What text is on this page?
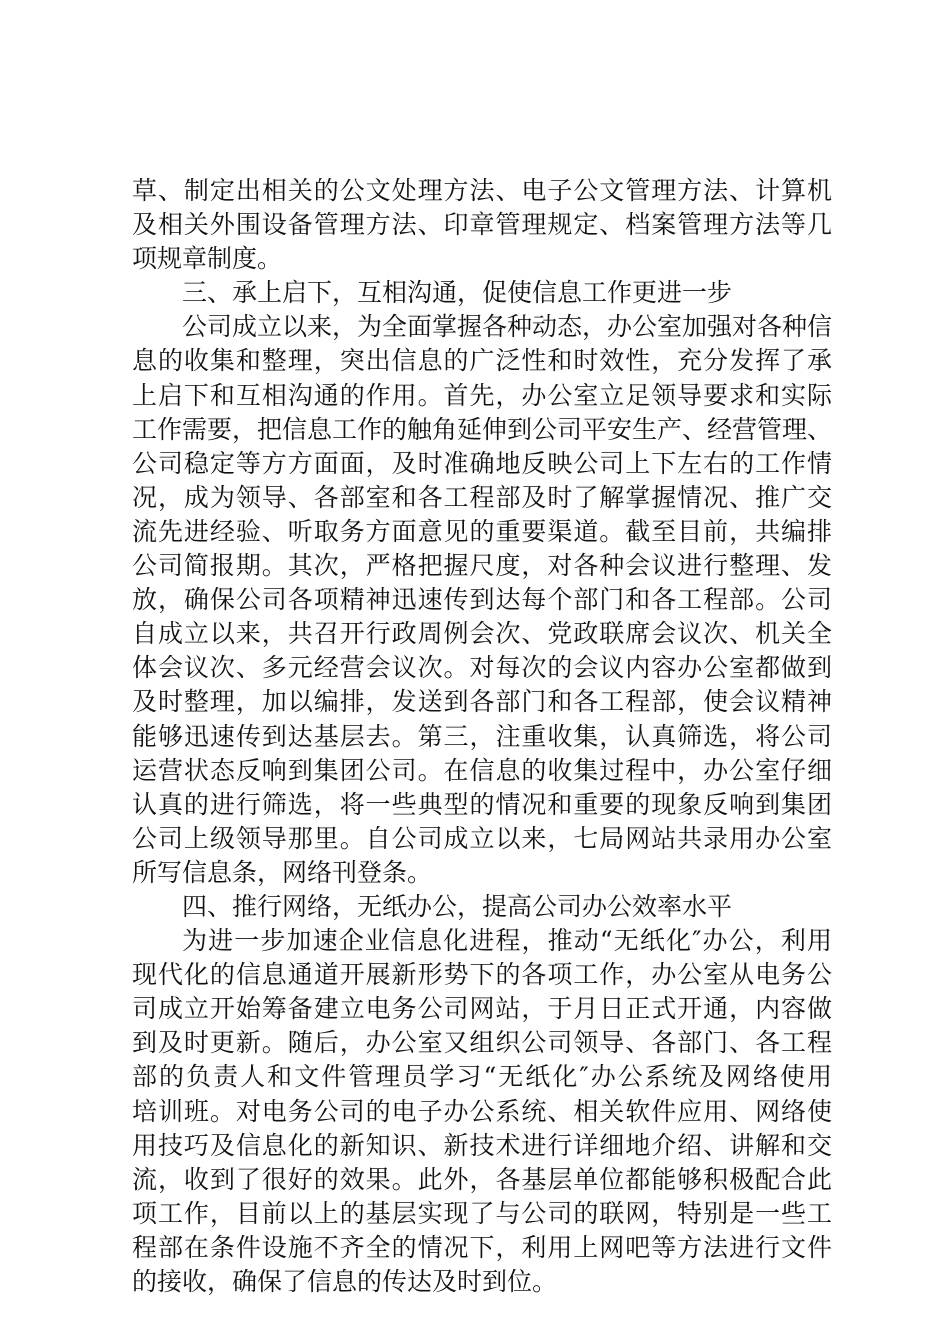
草、制定出相关的公文处理方法、电子公文管理方法、计算机
及相关外围设备管理方法、印章管理规定、档案管理方法等几
项规章制度。
三、承上启下，互相沟通，促使信息工作更进一步
公司成立以来，为全面掌握各种动态，办公室加强对各种信
息的收集和整理，突出信息的广泛性和时效性，充分发挥了承
上启下和互相沟通的作用。首先，办公室立足领导要求和实际
工作需要，把信息工作的触角延伸到公司平安生产、经营管理、
公司稳定等方方面面，及时准确地反映公司上下左右的工作情
况，成为领导、各部室和各工程部及时了解掌握情况、推广交
流先进经验、听取务方面意见的重要渠道。截至目前，共编排
公司简报期。其次，严格把握尺度，对各种会议进行整理、发
放，确保公司各项精神迅速传到达每个部门和各工程部。公司
自成立以来，共召开行政周例会次、党政联席会议次、机关全
体会议次、多元经营会议次。对每次的会议内容办公室都做到
及时整理，加以编排，发送到各部门和各工程部，使会议精神
能够迅速传到达基层去。第三，注重收集，认真筛选，将公司
运营状态反响到集团公司。在信息的收集过程中，办公室仔细
认真的进行筛选，将一些典型的情况和重要的现象反响到集团
公司上级领导那里。自公司成立以来，七局网站共录用办公室
所写信息条，网络刊登条。
四、推行网络，无纸办公，提高公司办公效率水平
为进一步加速企业信息化进程，推动“无纸化″办公，利用
现代化的信息通道开展新形势下的各项工作，办公室从电务公
司成立开始筹备建立电务公司网站，于月日正式开通，内容做
到及时更新。随后，办公室又组织公司领导、各部门、各工程
部的负责人和文件管理员学习“无纸化″办公系统及网络使用
培训班。对电务公司的电子办公系统、相关软件应用、网络使
用技巧及信息化的新知识、新技术进行详细地介绍、讲解和交
流，收到了很好的效果。此外，各基层单位都能够积极配合此
项工作，目前以上的基层实现了与公司的联网，特别是一些工
程部在条件设施不齐全的情况下，利用上网吧等方法进行文件
的接收，确保了信息的传达及时到位。
